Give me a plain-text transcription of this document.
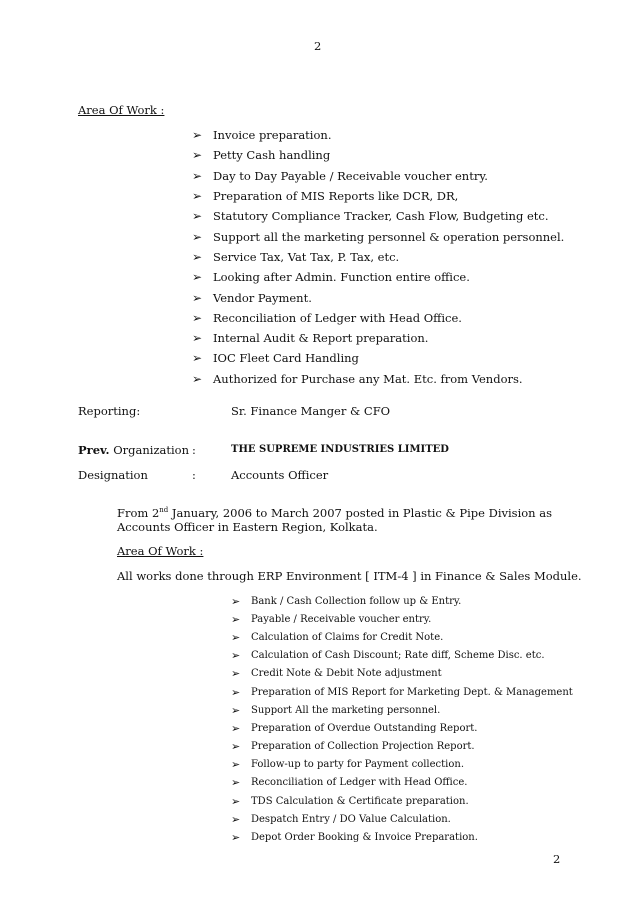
2
Area Of Work :
➢ Invoice preparation.
➢ Petty Cash handling
➢ Day to Day Payable / Receivable voucher entry.
➢ Preparation of MIS Reports like DCR, DR,
➢ Statutory Compliance Tracker, Cash Flow, Budgeting etc.
➢ Support all the marketing personnel & operation personnel.
➢ Service Tax, Vat Tax, P. Tax, etc.
➢ Looking after Admin. Function entire office.
➢ Vendor Payment.
➢ Reconciliation of Ledger with Head Office.
➢ Internal Audit & Report preparation.
➢ IOC Fleet Card Handling
➢ Authorized for Purchase any Mat. Etc. from Vendors.
Reporting:	Sr. Finance Manger & CFO
Prev. Organization :	THE SUPREME INDUSTRIES LIMITED
Designation	:	Accounts Officer
From 2nd January, 2006 to March 2007 posted in Plastic & Pipe Division as
Accounts Officer in Eastern Region, Kolkata.
Area Of Work :
All works done through ERP Environment [ ITM-4 ] in Finance & Sales Module.
➢	Bank / Cash Collection follow up & Entry.
➢	Payable / Receivable voucher entry.
➢	Calculation of Claims for Credit Note.
➢	Calculation of Cash Discount; Rate diff, Scheme Disc. etc.
➢	Credit Note & Debit Note adjustment
➢	Preparation of MIS Report for Marketing Dept. & Management
➢	Support All the marketing personnel.
➢	Preparation of Overdue Outstanding Report.
➢	Preparation of Collection Projection Report.
➢	Follow-up to party for Payment collection.
➢	Reconciliation of Ledger with Head Office.
➢	TDS Calculation & Certificate preparation.
➢	Despatch Entry / DO Value Calculation.
➢	Depot Order Booking & Invoice Preparation.
2
